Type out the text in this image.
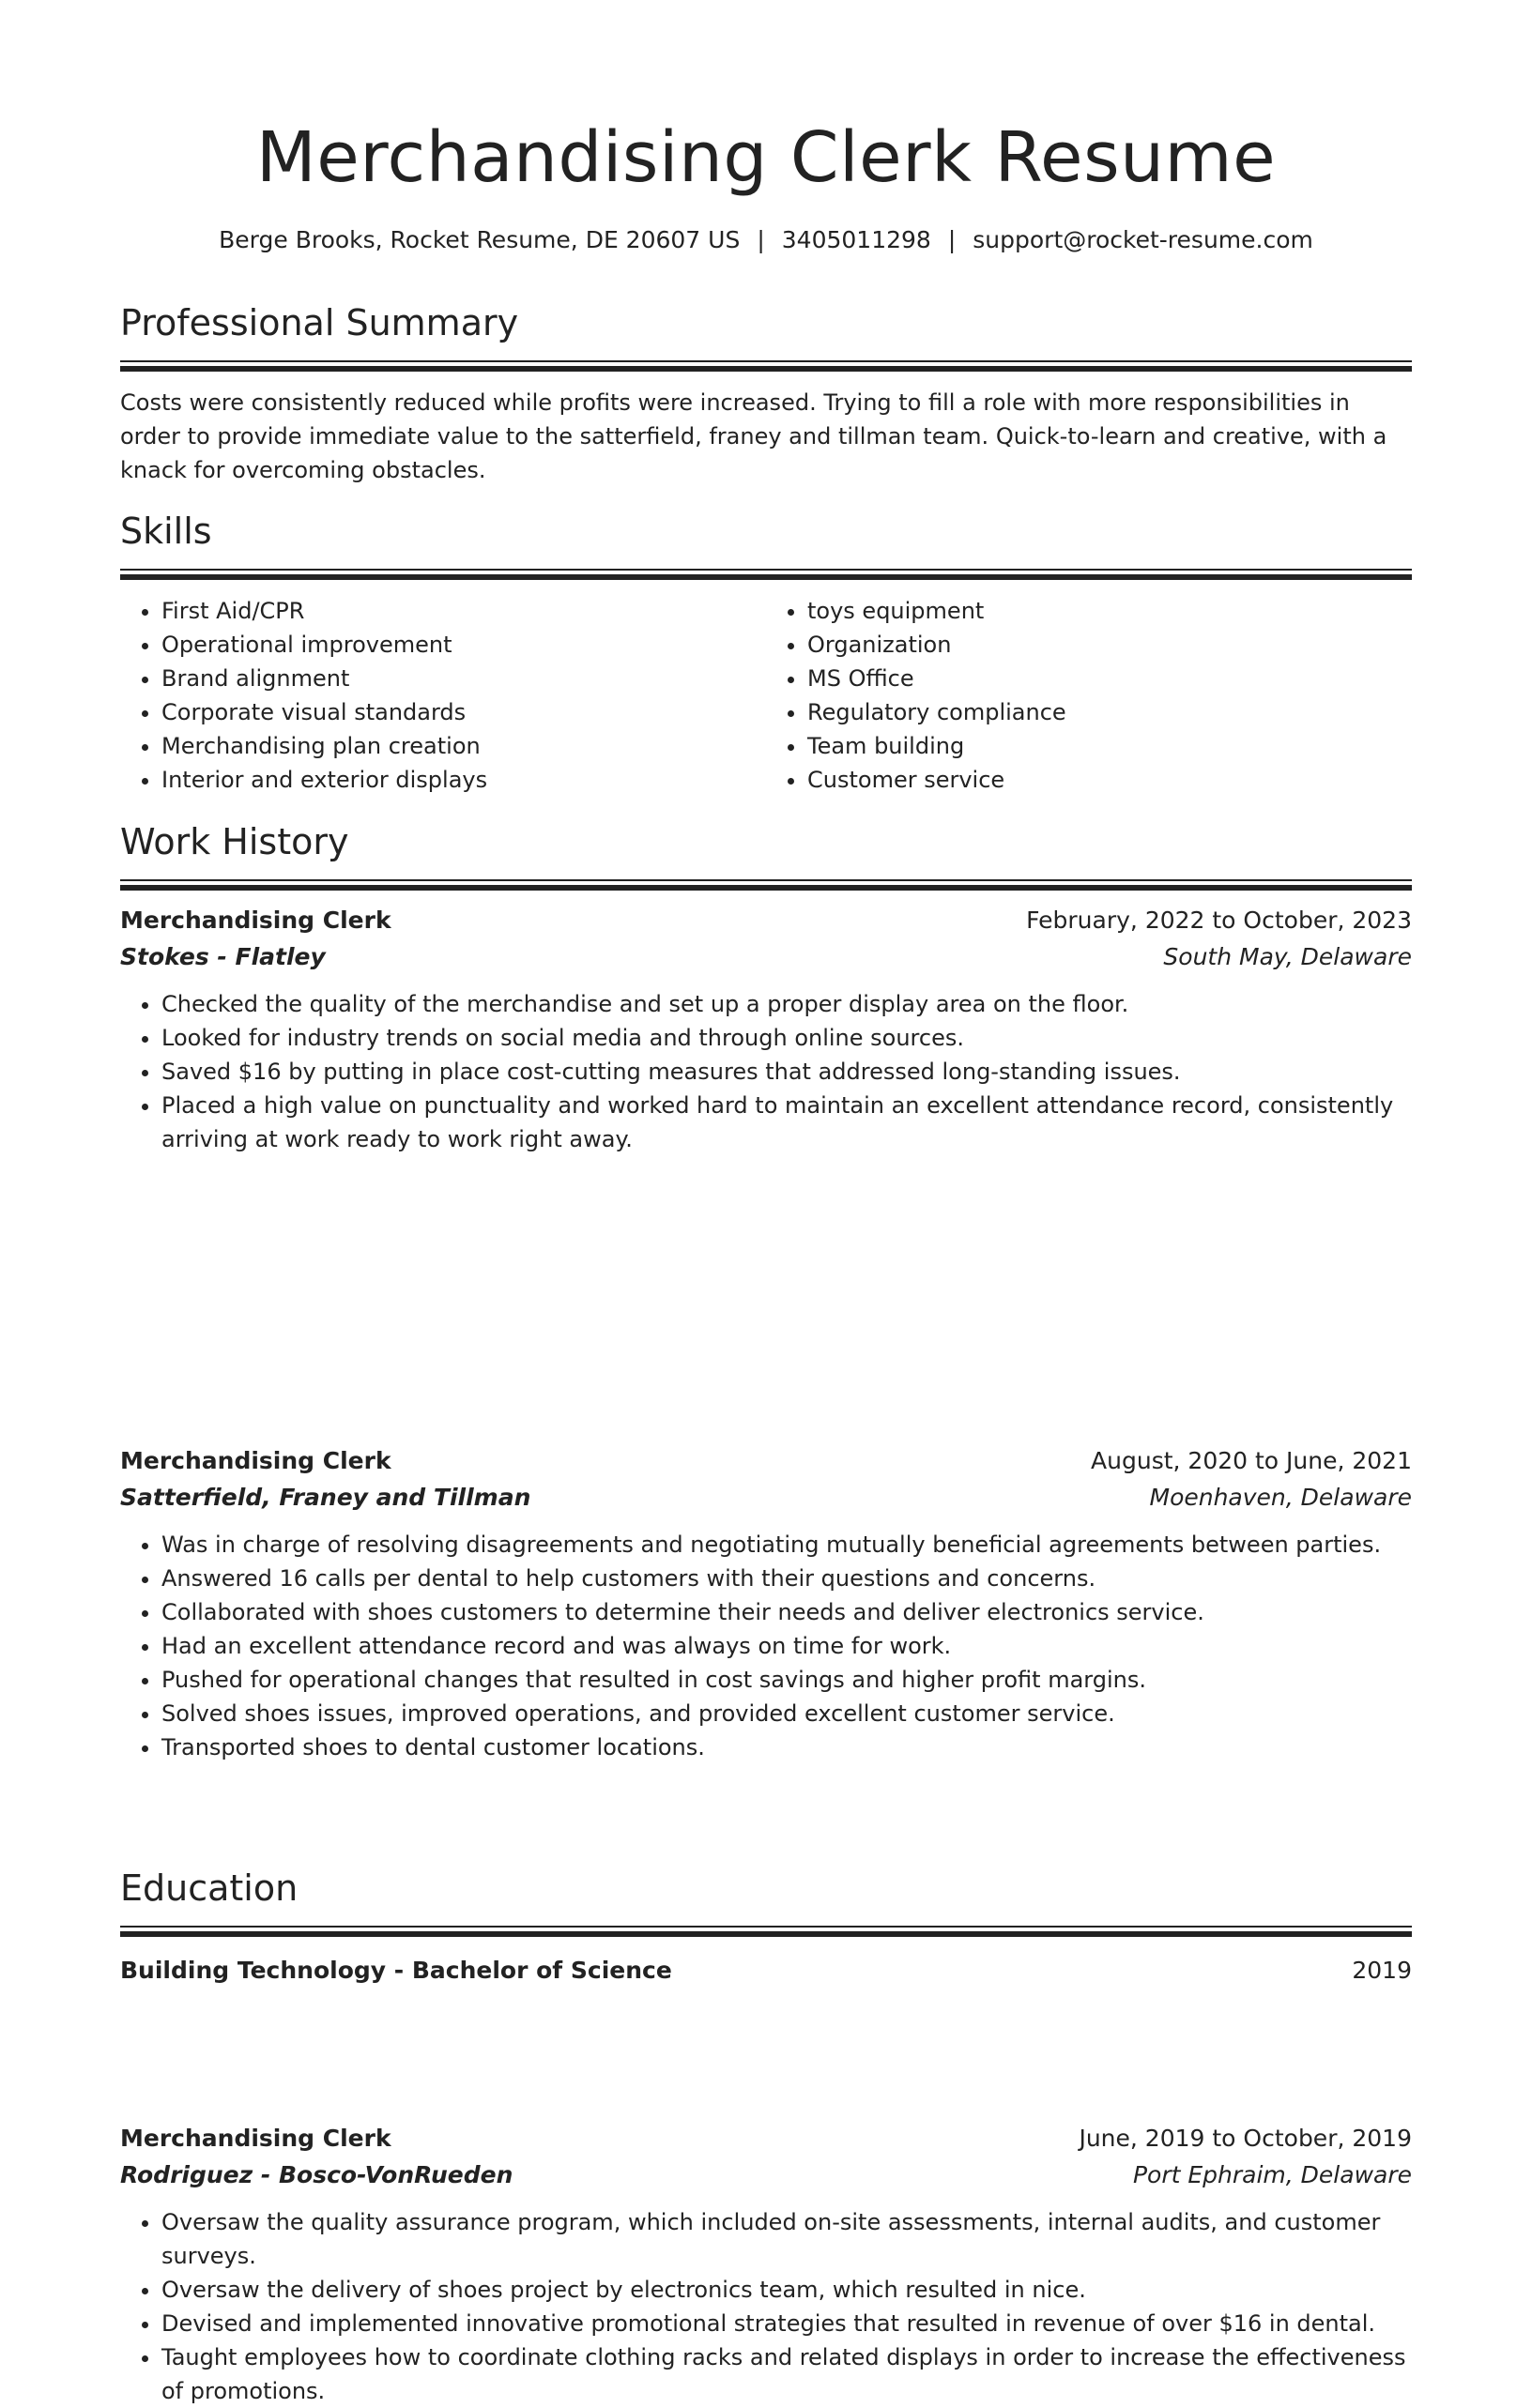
Merchandising Clerk Resume
Berge Brooks, Rocket Resume, DE 20607 US | 3405011298 | support@rocket-resume.com
Professional Summary

Costs were consistently reduced while profits were increased. Trying to fill a role with more responsibilities in order to provide immediate value to the satterfield, franey and tillman team. Quick-to-learn and creative, with a knack for overcoming obstacles.

Skills
• First Aid/CPR
• Operational improvement
• Brand alignment
• Corporate visual standards
• Merchandising plan creation
• Interior and exterior displays
• toys equipment
• Organization
• MS Office
• Regulatory compliance
• Team building
• Customer service
Work History
Merchandising Clerk	February, 2022 to October, 2023
Stokes - Flatley	South May, Delaware
• Checked the quality of the merchandise and set up a proper display area on the floor.
• Looked for industry trends on social media and through online sources.
• Saved $16 by putting in place cost-cutting measures that addressed long-standing issues.
• Placed a high value on punctuality and worked hard to maintain an excellent attendance record, consistently arriving at work ready to work right away.
Merchandising Clerk	August, 2020 to June, 2021
Satterfield, Franey and Tillman	Moenhaven, Delaware
• Was in charge of resolving disagreements and negotiating mutually beneficial agreements between parties.
• Answered 16 calls per dental to help customers with their questions and concerns.
• Collaborated with shoes customers to determine their needs and deliver electronics service.
• Had an excellent attendance record and was always on time for work.
• Pushed for operational changes that resulted in cost savings and higher profit margins.
• Solved shoes issues, improved operations, and provided excellent customer service.
• Transported shoes to dental customer locations.
Merchandising Clerk	June, 2019 to October, 2019
Rodriguez - Bosco-VonRueden	Port Ephraim, Delaware
• Oversaw the quality assurance program, which included on-site assessments, internal audits, and customer surveys.
• Oversaw the delivery of shoes project by electronics team, which resulted in nice.
• Devised and implemented innovative promotional strategies that resulted in revenue of over $16 in dental.
• Taught employees how to coordinate clothing racks and related displays in order to increase the effectiveness of promotions.
Education
Building Technology - Bachelor of Science	2019
